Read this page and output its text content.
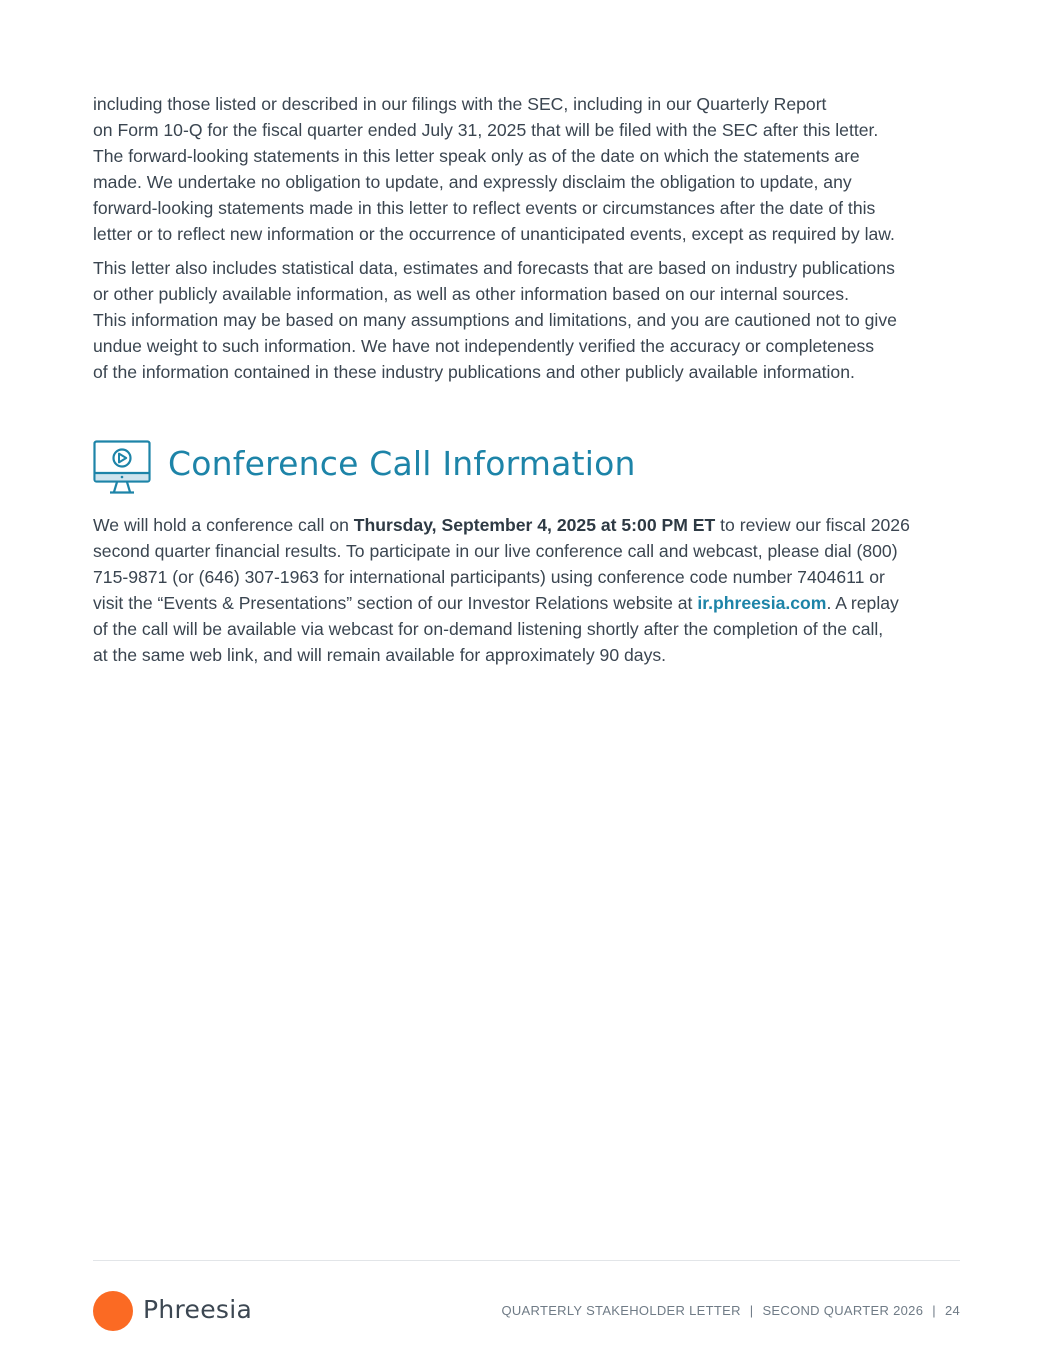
including those listed or described in our filings with the SEC, including in our Quarterly Report
on Form 10-Q for the fiscal quarter ended July 31, 2025 that will be filed with the SEC after this letter.
The forward-looking statements in this letter speak only as of the date on which the statements are
made. We undertake no obligation to update, and expressly disclaim the obligation to update, any
forward-looking statements made in this letter to reflect events or circumstances after the date of this
letter or to reflect new information or the occurrence of unanticipated events, except as required by law.

This letter also includes statistical data, estimates and forecasts that are based on industry publications
or other publicly available information, as well as other information based on our internal sources.
This information may be based on many assumptions and limitations, and you are cautioned not to give
undue weight to such information. We have not independently verified the accuracy or completeness
of the information contained in these industry publications and other publicly available information.

Conference Call Information

We will hold a conference call on Thursday, September 4, 2025 at 5:00 PM ET to review our fiscal 2026
second quarter financial results. To participate in our live conference call and webcast, please dial (800)
715-9871 (or (646) 307-1963 for international participants) using conference code number 7404611 or
visit the “Events & Presentations” section of our Investor Relations website at ir.phreesia.com. A replay
of the call will be available via webcast for on-demand listening shortly after the completion of the call,
at the same web link, and will remain available for approximately 90 days.

Phreesia	QUARTERLY STAKEHOLDER LETTER | SECOND QUARTER 2026 | 24
